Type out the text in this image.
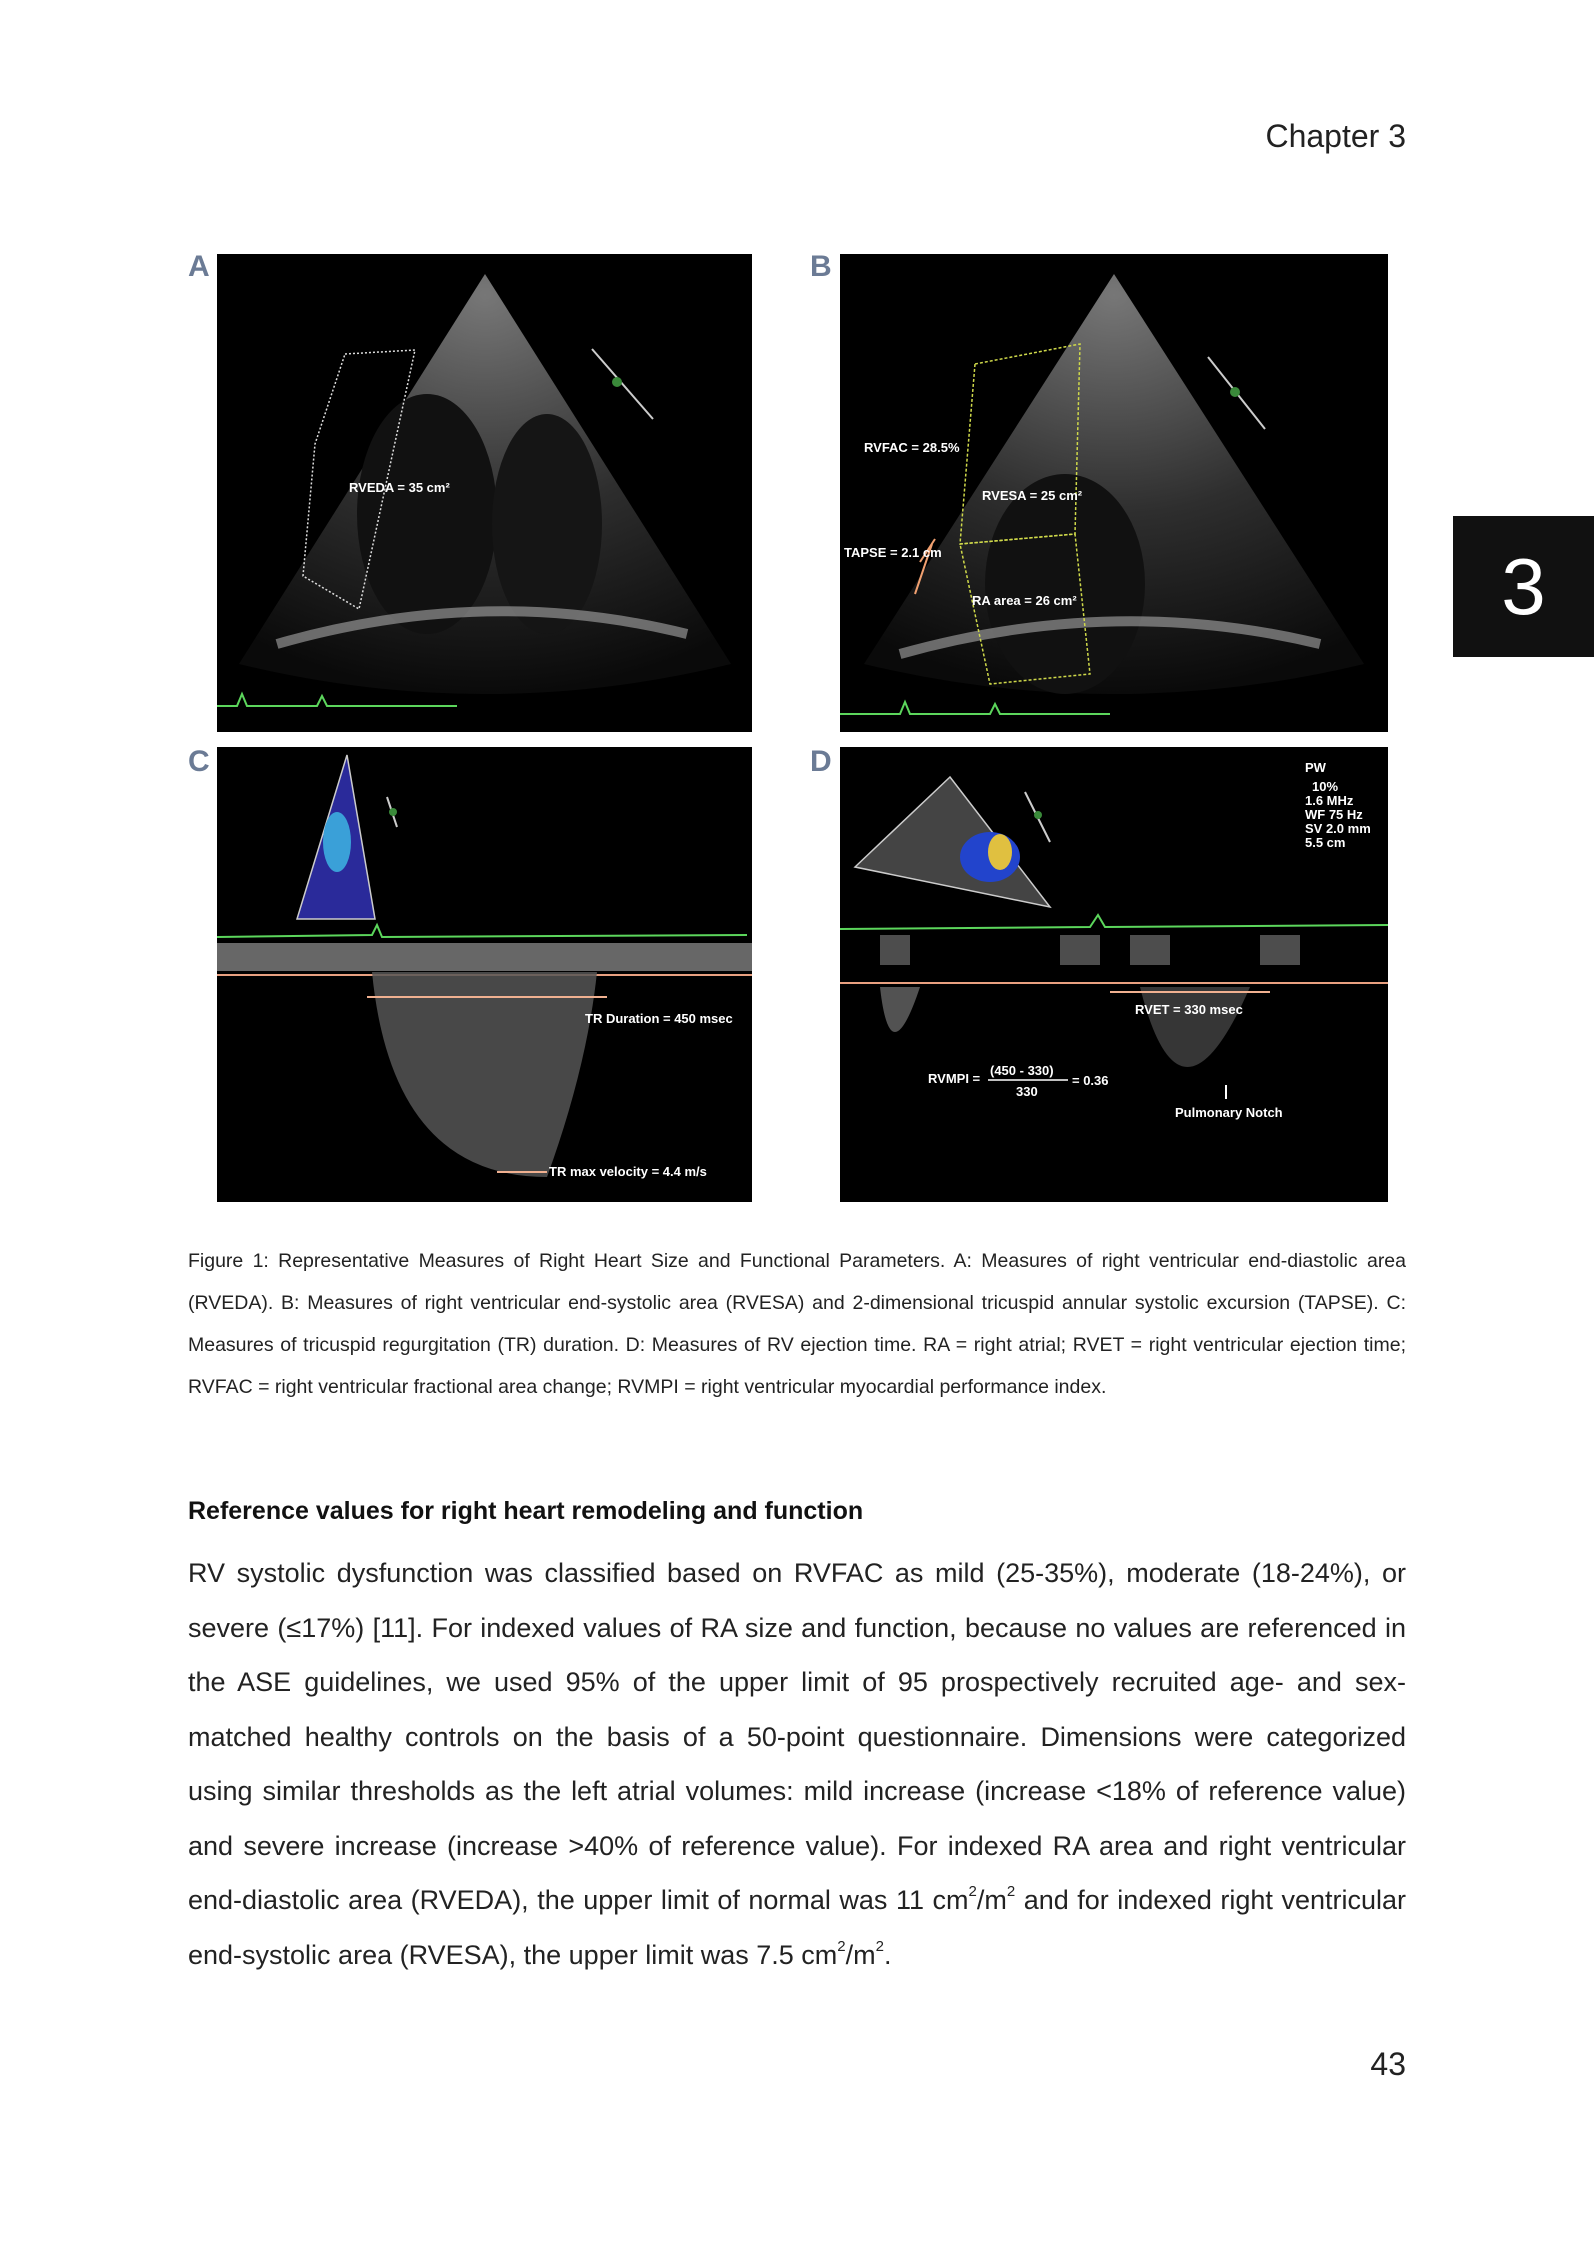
Chapter 3
3
A
RVEDA = 35 cm²
B
RVFAC = 28.5%
RVESA = 25 cm²
TAPSE = 2.1 cm
RA area = 26 cm²
C
TR Duration = 450 msec
TR max velocity = 4.4 m/s
D	PW
10%
1.6 MHz
WF 75 Hz
SV 2.0 mm
5.5 cm
RVET = 330 msec
RVMPI =
(450 - 330)
330
= 0.36
Pulmonary Notch
Figure 1: Representative Measures of Right Heart Size and Functional Parameters. A: Measures of right ventricular end-diastolic area (RVEDA). B: Measures of right ventricular end-systolic area (RVESA) and 2-dimensional tricuspid annular systolic excursion (TAPSE). C: Measures of tricuspid regurgitation (TR) duration. D: Measures of RV ejection time. RA = right atrial; RVET = right ventricular ejection time; RVFAC = right ventricular fractional area change; RVMPI = right ventricular myocardial performance index.
Reference values for right heart remodeling and function
RV systolic dysfunction was classified based on RVFAC as mild (25-35%), moderate (18-24%), or severe (≤17%) [11]. For indexed values of RA size and function, because no values are referenced in the ASE guidelines, we used 95% of the upper limit of 95 prospectively recruited age- and sex-matched healthy controls on the basis of a 50-point questionnaire. Dimensions were categorized using similar thresholds as the left atrial volumes: mild increase (increase <18% of reference value) and severe increase (increase >40% of reference value). For indexed RA area and right ventricular end-diastolic area (RVEDA), the upper limit of normal was 11 $cm^2/m^2$ and for indexed right ventricular end-systolic area (RVESA), the upper limit was 7.5 $cm^2/m^2$.
43
